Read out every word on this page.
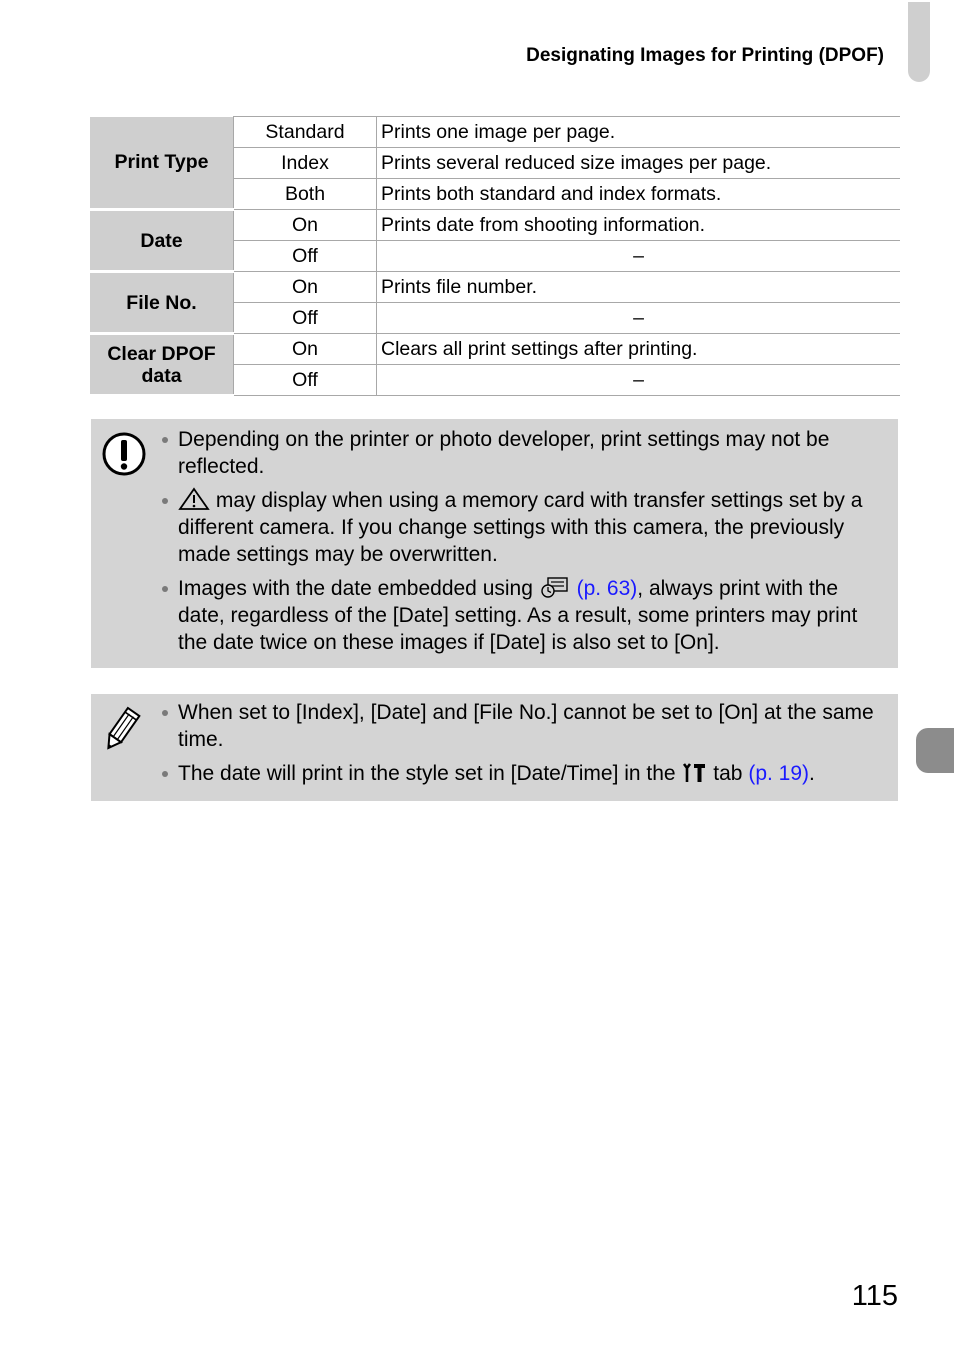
Designating Images for Printing (DPOF)
Print Type	Standard	Prints one image per page.
	Index	Prints several reduced size images per page.
	Both	Prints both standard and index formats.
Date	On	Prints date from shooting information.
	Off	–
File No.	On	Prints file number.
	Off	–
Clear DPOF
data	On	Clears all print settings after printing.
	Off	–
Depending on the printer or photo developer, print settings may not be reflected.
may display when using a memory card with transfer settings set by a different camera. If you change settings with this camera, the previously made settings may be overwritten.
Images with the date embedded using  (p. 63), always print with the date, regardless of the [Date] setting. As a result, some printers may print the date twice on these images if [Date] is also set to [On].
When set to [Index], [Date] and [File No.] cannot be set to [On] at the same time.
The date will print in the style set in [Date/Time] in the  tab (p. 19).
115
